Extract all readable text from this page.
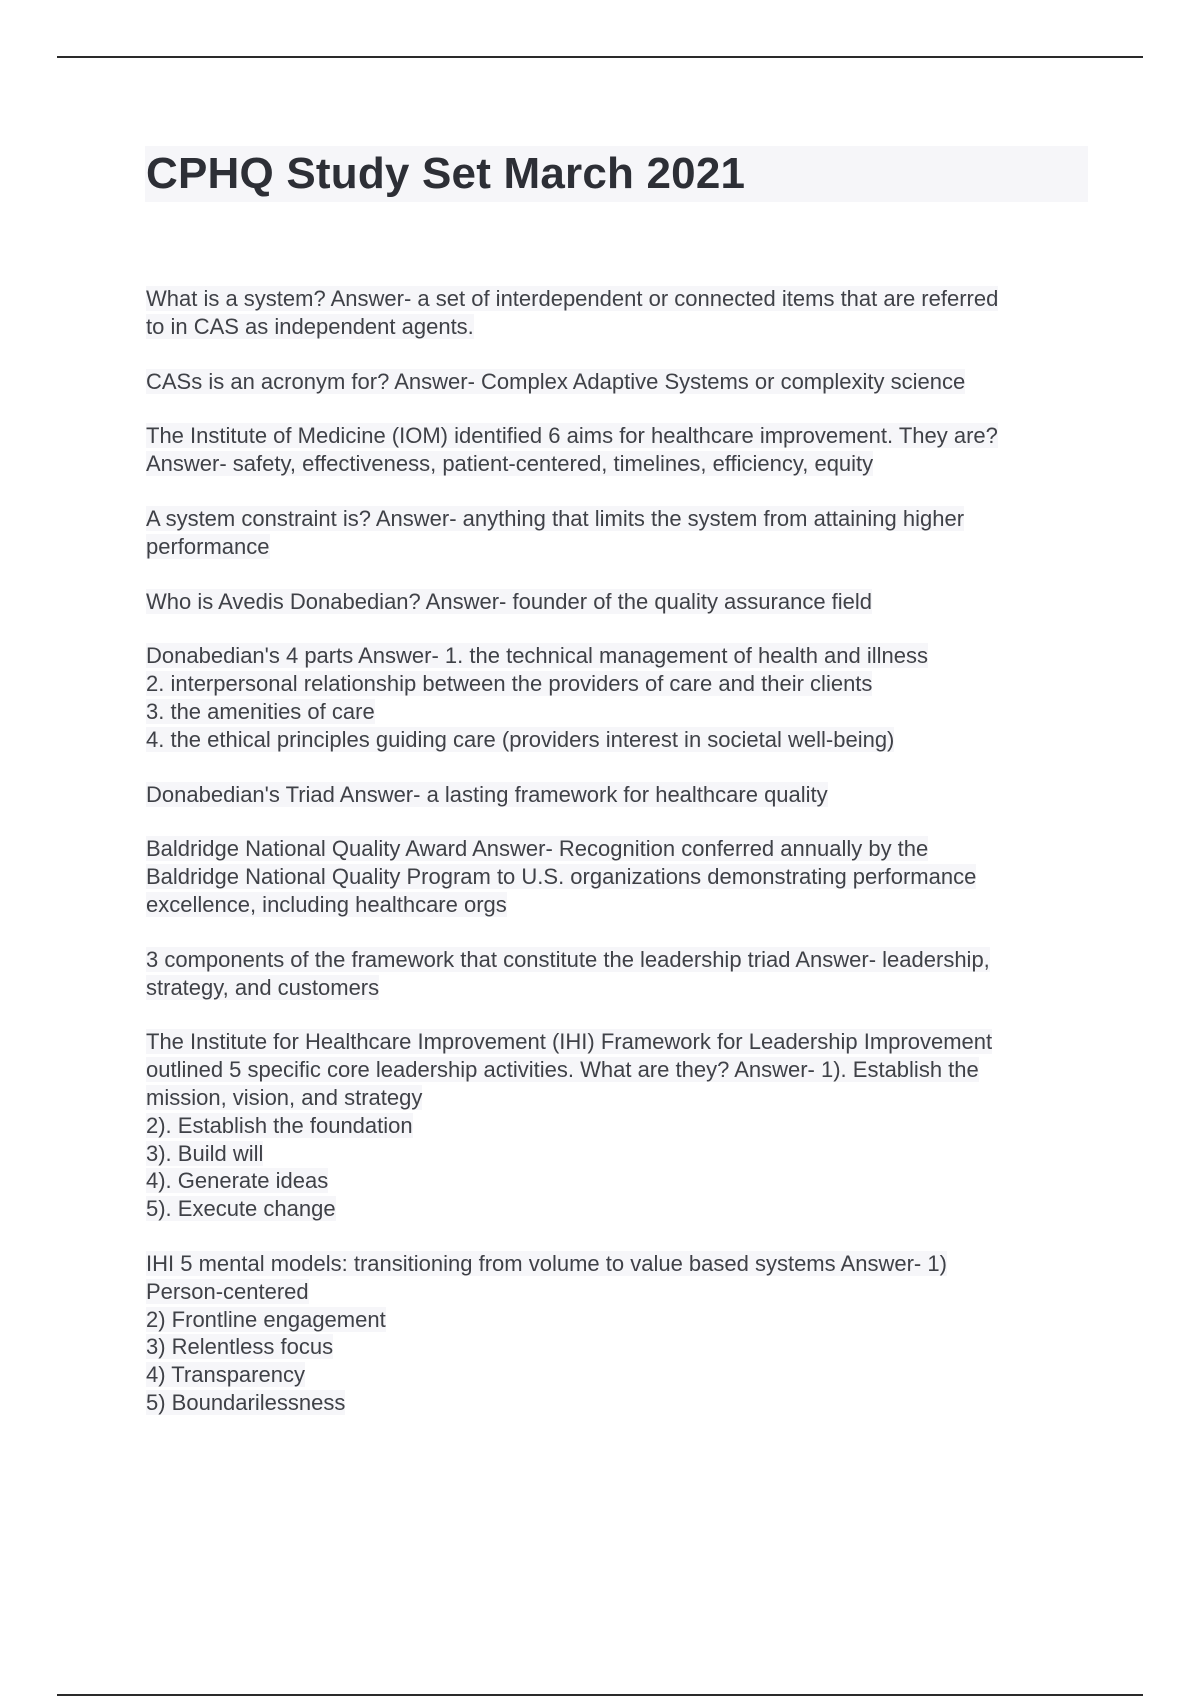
CPHQ Study Set March 2021
What is a system? Answer- a set of interdependent or connected items that are referred
to in CAS as independent agents.
CASs is an acronym for? Answer- Complex Adaptive Systems or complexity science
The Institute of Medicine (IOM) identified 6 aims for healthcare improvement. They are?
Answer- safety, effectiveness, patient-centered, timelines, efficiency, equity
A system constraint is? Answer- anything that limits the system from attaining higher
performance
Who is Avedis Donabedian? Answer- founder of the quality assurance field
Donabedian's 4 parts Answer- 1. the technical management of health and illness
2. interpersonal relationship between the providers of care and their clients
3. the amenities of care
4. the ethical principles guiding care (providers interest in societal well-being)
Donabedian's Triad Answer- a lasting framework for healthcare quality
Baldridge National Quality Award Answer- Recognition conferred annually by the
Baldridge National Quality Program to U.S. organizations demonstrating performance
excellence, including healthcare orgs
3 components of the framework that constitute the leadership triad Answer- leadership,
strategy, and customers
The Institute for Healthcare Improvement (IHI) Framework for Leadership Improvement
outlined 5 specific core leadership activities. What are they? Answer- 1). Establish the
mission, vision, and strategy
2). Establish the foundation
3). Build will
4). Generate ideas
5). Execute change
IHI 5 mental models: transitioning from volume to value based systems Answer- 1)
Person-centered
2) Frontline engagement
3) Relentless focus
4) Transparency
5) Boundarilessness
